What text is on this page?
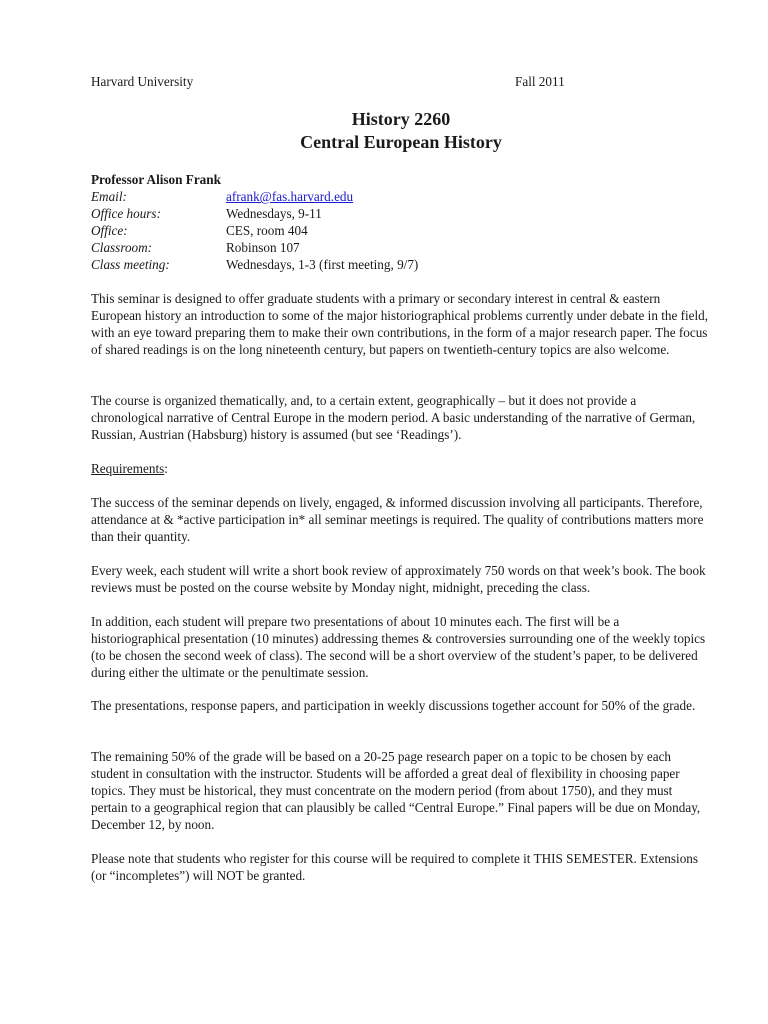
Harvard University	Fall 2011
History 2260
Central European History
Professor Alison Frank
Email:	afrank@fas.harvard.edu
Office hours:	Wednesdays, 9-11
Office:	CES, room 404
Classroom:	Robinson 107
Class meeting:	Wednesdays, 1-3 (first meeting, 9/7)

This seminar is designed to offer graduate students with a primary or secondary interest in central & eastern European history an introduction to some of the major historiographical problems currently under debate in the field, with an eye toward preparing them to make their own contributions, in the form of a major research paper. The focus of shared readings is on the long nineteenth century, but papers on twentieth-century topics are also welcome.

The course is organized thematically, and, to a certain extent, geographically – but it does not provide a chronological narrative of Central Europe in the modern period. A basic understanding of the narrative of German, Russian, Austrian (Habsburg) history is assumed (but see ‘Readings’).

Requirements:

The success of the seminar depends on lively, engaged, & informed discussion involving all participants. Therefore, attendance at & *active participation in* all seminar meetings is required. The quality of contributions matters more than their quantity.

Every week, each student will write a short book review of approximately 750 words on that week’s book. The book reviews must be posted on the course website by Monday night, midnight, preceding the class.

In addition, each student will prepare two presentations of about 10 minutes each. The first will be a historiographical presentation (10 minutes) addressing themes & controversies surrounding one of the weekly topics (to be chosen the second week of class). The second will be a short overview of the student’s paper, to be delivered during either the ultimate or the penultimate session.

The presentations, response papers, and participation in weekly discussions together account for 50% of the grade.

The remaining 50% of the grade will be based on a 20-25 page research paper on a topic to be chosen by each student in consultation with the instructor. Students will be afforded a great deal of flexibility in choosing paper topics. They must be historical, they must concentrate on the modern period (from about 1750), and they must pertain to a geographical region that can plausibly be called “Central Europe.” Final papers will be due on Monday, December 12, by noon.

Please note that students who register for this course will be required to complete it THIS SEMESTER. Extensions (or “incompletes”) will NOT be granted.
